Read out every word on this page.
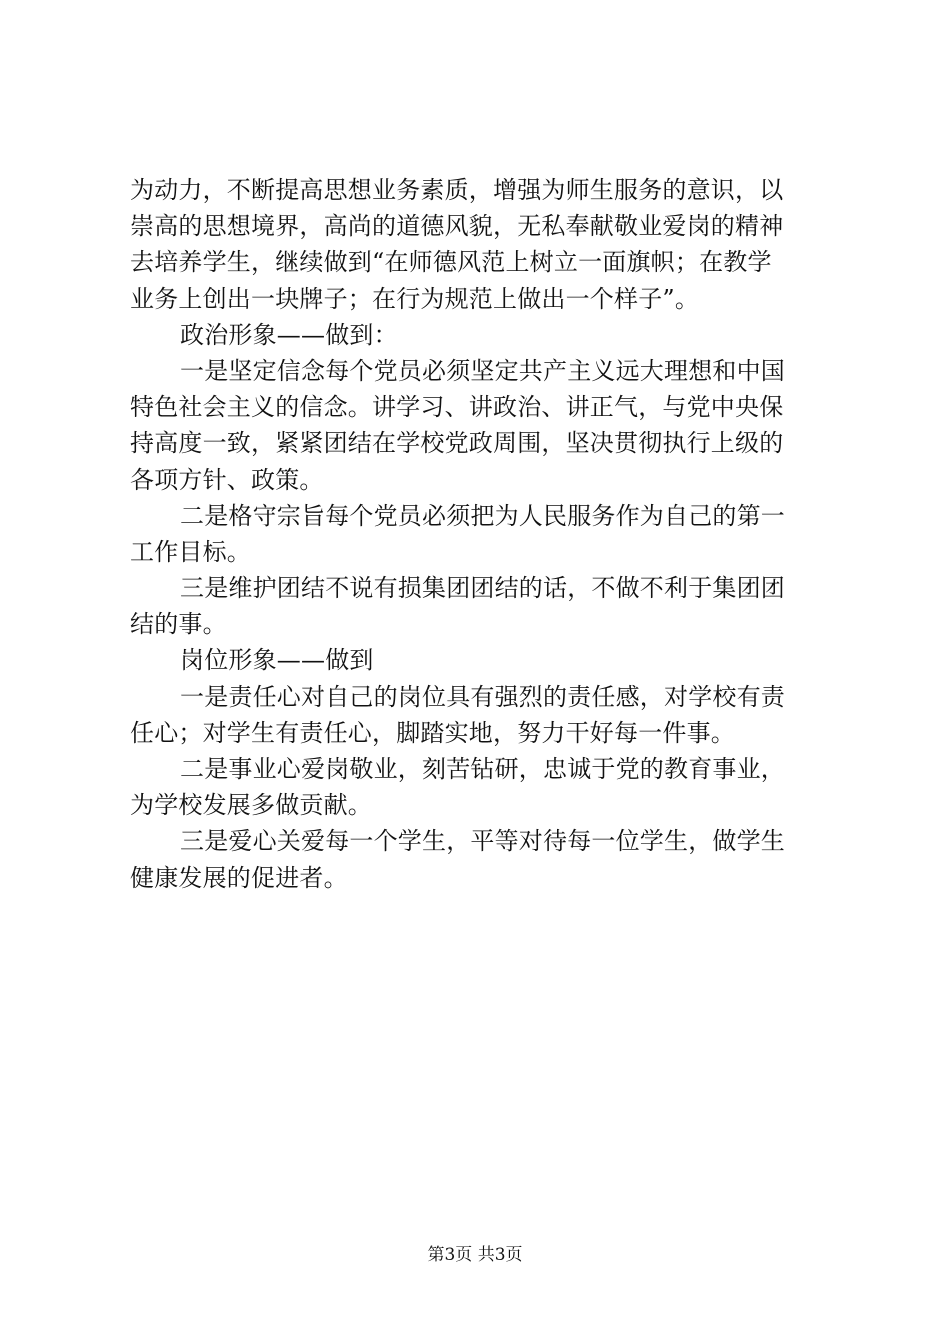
为动力，不断提高思想业务素质，增强为师生服务的意识，以
崇高的思想境界，高尚的道德风貌，无私奉献敬业爱岗的精神
去培养学生，继续做到“在师德风范上树立一面旗帜；在教学
业务上创出一块牌子；在行为规范上做出一个样子”。
政治形象——做到：
一是坚定信念每个党员必须坚定共产主义远大理想和中国
特色社会主义的信念。讲学习、讲政治、讲正气，与党中央保
持高度一致，紧紧团结在学校党政周围，坚决贯彻执行上级的
各项方针、政策。
二是格守宗旨每个党员必须把为人民服务作为自己的第一
工作目标。
三是维护团结不说有损集团团结的话，不做不利于集团团
结的事。
岗位形象——做到
一是责任心对自己的岗位具有强烈的责任感，对学校有责
任心；对学生有责任心，脚踏实地，努力干好每一件事。
二是事业心爱岗敬业，刻苦钻研，忠诚于党的教育事业，
为学校发展多做贡献。
三是爱心关爱每一个学生，平等对待每一位学生，做学生
健康发展的促进者。
第3页 共3页
